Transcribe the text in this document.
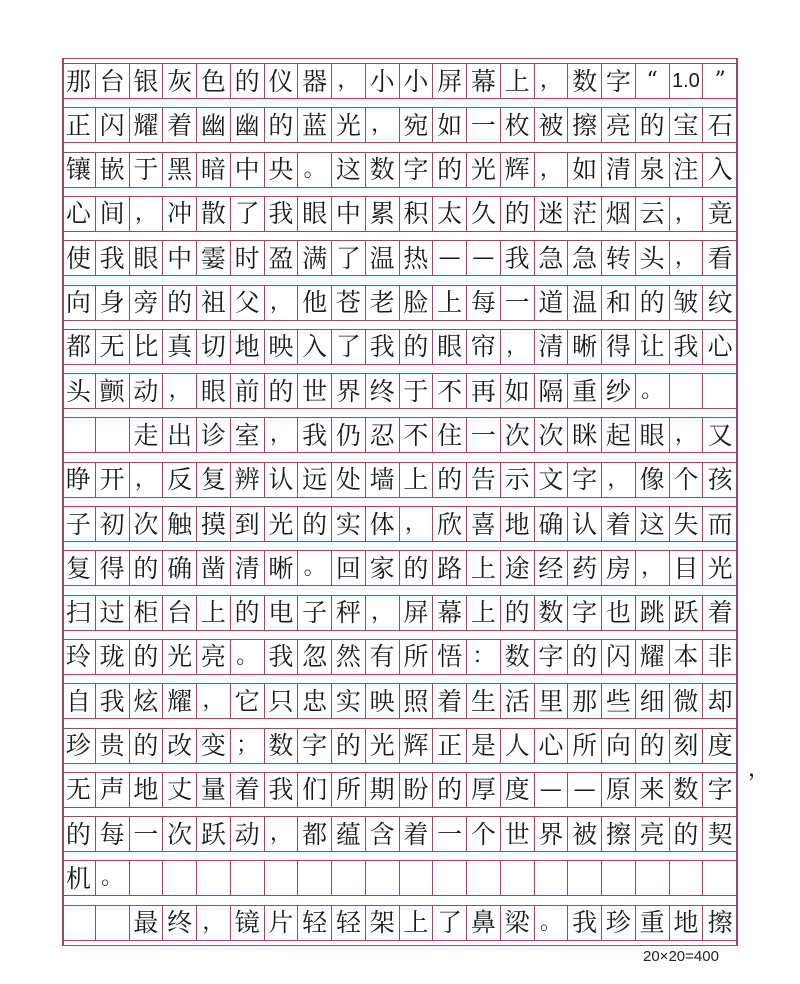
那 台 银 灰 色 的 仪 器 ， 小 小 屏 幕 上 ， 数 字 “ 1.0 ”
正 闪 耀 着 幽 幽 的 蓝 光 ， 宛 如 一 枚 被 擦 亮 的 宝 石
镶 嵌 于 黑 暗 中 央 。 这 数 字 的 光 辉 ， 如 清 泉 注 入
心 间 ， 冲 散 了 我 眼 中 累 积 太 久 的 迷 茫 烟 云 ， 竟
使 我 眼 中 霎 时 盈 满 了 温 热 — — 我 急 急 转 头 ， 看
向 身 旁 的 祖 父 ， 他 苍 老 脸 上 每 一 道 温 和 的 皱 纹
都 无 比 真 切 地 映 入 了 我 的 眼 帘 ， 清 晰 得 让 我 心
头 颤 动 ， 眼 前 的 世 界 终 于 不 再 如 隔 重 纱 。
走 出 诊 室 ， 我 仍 忍 不 住 一 次 次 眯 起 眼 ， 又
睁 开 ， 反 复 辨 认 远 处 墙 上 的 告 示 文 字 ， 像 个 孩
子 初 次 触 摸 到 光 的 实 体 ， 欣 喜 地 确 认 着 这 失 而
复 得 的 确 凿 清 晰 。 回 家 的 路 上 途 经 药 房 ， 目 光
扫 过 柜 台 上 的 电 子 秤 ， 屏 幕 上 的 数 字 也 跳 跃 着
玲 珑 的 光 亮 。 我 忽 然 有 所 悟 ： 数 字 的 闪 耀 本 非
自 我 炫 耀 ， 它 只 忠 实 映 照 着 生 活 里 那 些 细 微 却
珍 贵 的 改 变 ； 数 字 的 光 辉 正 是 人 心 所 向 的 刻 度
无 声 地 丈 量 着 我 们 所 期 盼 的 厚 度 — — 原 来 数 字
的 每 一 次 跃 动 ， 都 蕴 含 着 一 个 世 界 被 擦 亮 的 契
机 。
最 终 ， 镜 片 轻 轻 架 上 了 鼻 梁 。 我 珍 重 地 擦
，
20×20=400
